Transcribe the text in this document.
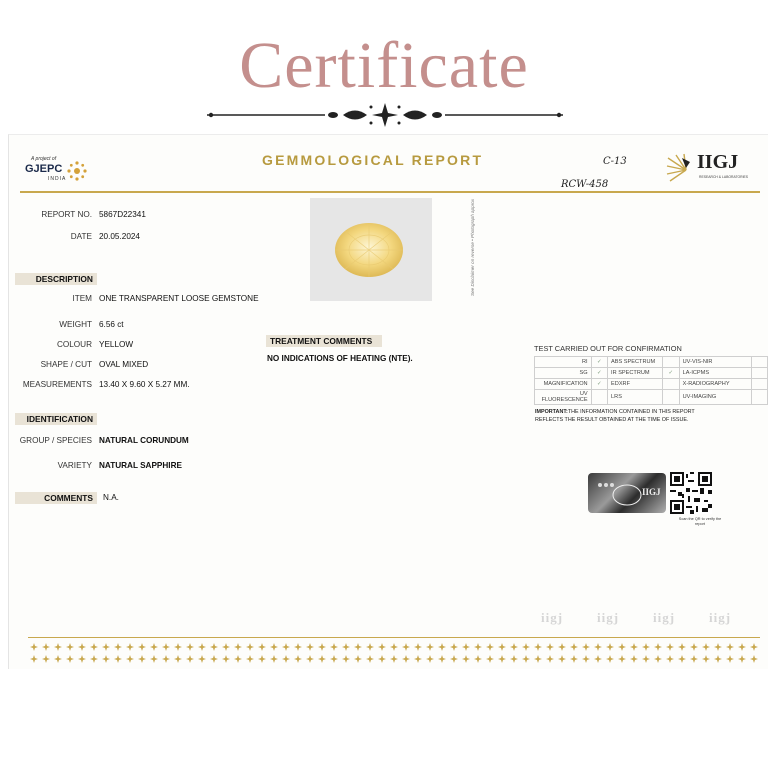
Certificate
A project of
GJEPC
INDIA
GEMMOLOGICAL REPORT	C-13
RCW-458
IIGJ
RESEARCH & LABORATORIES
REPORT NO. 5867D22341
DATE 20.05.2024	See Disclaimer on reverse • Photograph approx
DESCRIPTION
ITEM ONE TRANSPARENT LOOSE GEMSTONE
WEIGHT 6.56 ct
COLOUR YELLOW
SHAPE / CUT OVAL MIXED
MEASUREMENTS 13.40 X 9.60 X 5.27 MM.
TREATMENT COMMENTS
NO INDICATIONS OF HEATING (NTE).
IDENTIFICATION
GROUP / SPECIES NATURAL CORUNDUM
VARIETY NATURAL SAPPHIRE
COMMENTS	N.A.
TEST CARRIED OUT FOR CONFIRMATION
RI	✓	ABS SPECTRUM		UV-VIS-NIR	
SG	✓	IR SPECTRUM	✓	LA-ICPMS	
MAGNIFICATION	✓	EDXRF		X-RADIOGRAPHY	
UV FLUORESCENCE		LRS		UV-IMAGING	
IMPORTANT:THE INFORMATION CONTAINED IN THIS REPORT REFLECTS THE RESULT OBTAINED AT THE TIME OF ISSUE.
IIGJ
Scan the QR to verify the report
iigj	iigj	iigj	iigj
